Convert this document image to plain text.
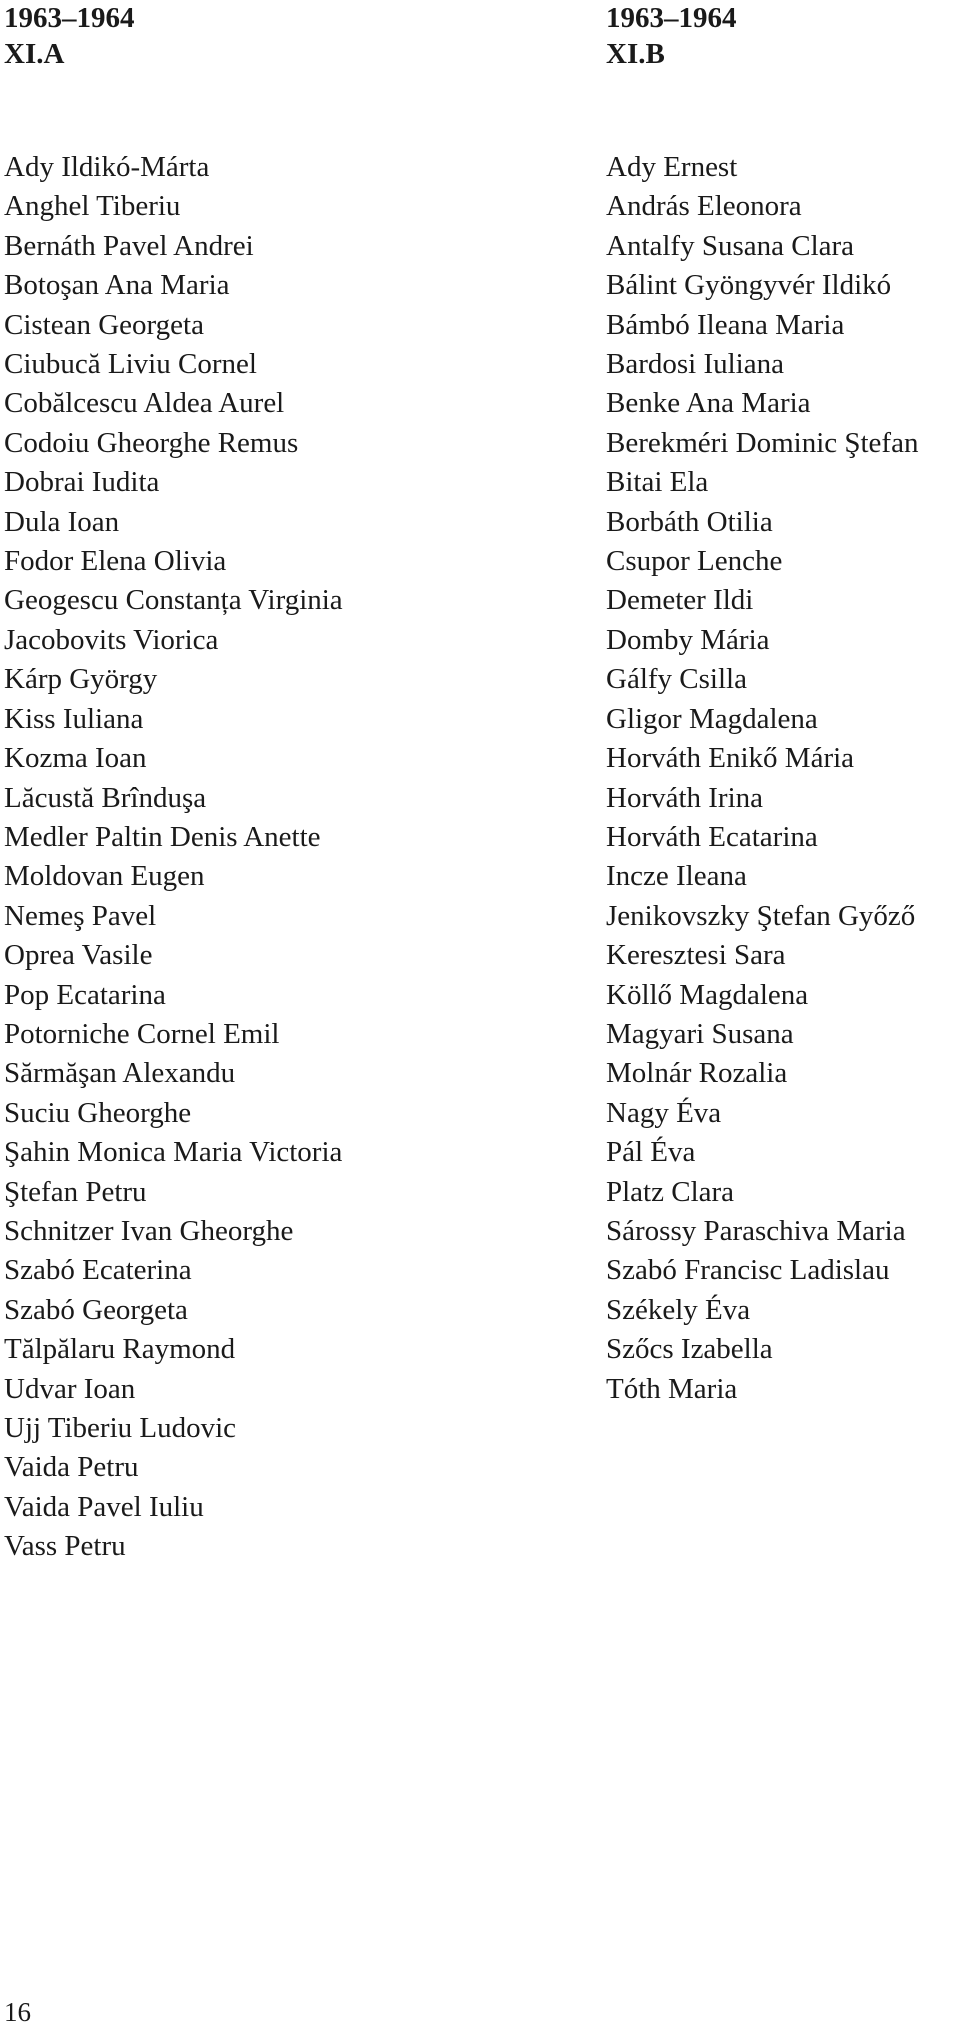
1963–1964
XI.A
Ady Ildikó-Márta
Anghel Tiberiu
Bernáth Pavel Andrei
Botoşan Ana Maria
Cistean Georgeta
Ciubucă Liviu Cornel
Cobălcescu Aldea Aurel
Codoiu Gheorghe Remus
Dobrai Iudita
Dula Ioan
Fodor Elena Olivia
Geogescu Constanța Virginia
Jacobovits Viorica
Kárp György
Kiss Iuliana
Kozma Ioan
Lăcustă Brînduşa
Medler Paltin Denis Anette
Moldovan Eugen
Nemeş Pavel
Oprea Vasile
Pop Ecatarina
Potorniche Cornel Emil
Sărmăşan Alexandu
Suciu Gheorghe
Şahin Monica Maria Victoria
Ştefan Petru
Schnitzer Ivan Gheorghe
Szabó Ecaterina
Szabó Georgeta
Tălpălaru Raymond
Udvar Ioan
Ujj Tiberiu Ludovic
Vaida Petru
Vaida Pavel Iuliu
Vass Petru
1963–1964
XI.B
Ady Ernest
András Eleonora
Antalfy Susana Clara
Bálint Gyöngyvér Ildikó
Bámbó Ileana Maria
Bardosi Iuliana
Benke Ana Maria
Berekméri Dominic Ştefan
Bitai Ela
Borbáth Otilia
Csupor Lenche
Demeter Ildi
Domby Mária
Gálfy Csilla
Gligor Magdalena
Horváth Enikő Mária
Horváth Irina
Horváth Ecatarina
Incze Ileana
Jenikovszky Ştefan Győző
Keresztesi Sara
Köllő Magdalena
Magyari Susana
Molnár Rozalia
Nagy Éva
Pál Éva
Platz Clara
Sárossy Paraschiva Maria
Szabó Francisc Ladislau
Székely Éva
Szőcs Izabella
Tóth Maria
16
